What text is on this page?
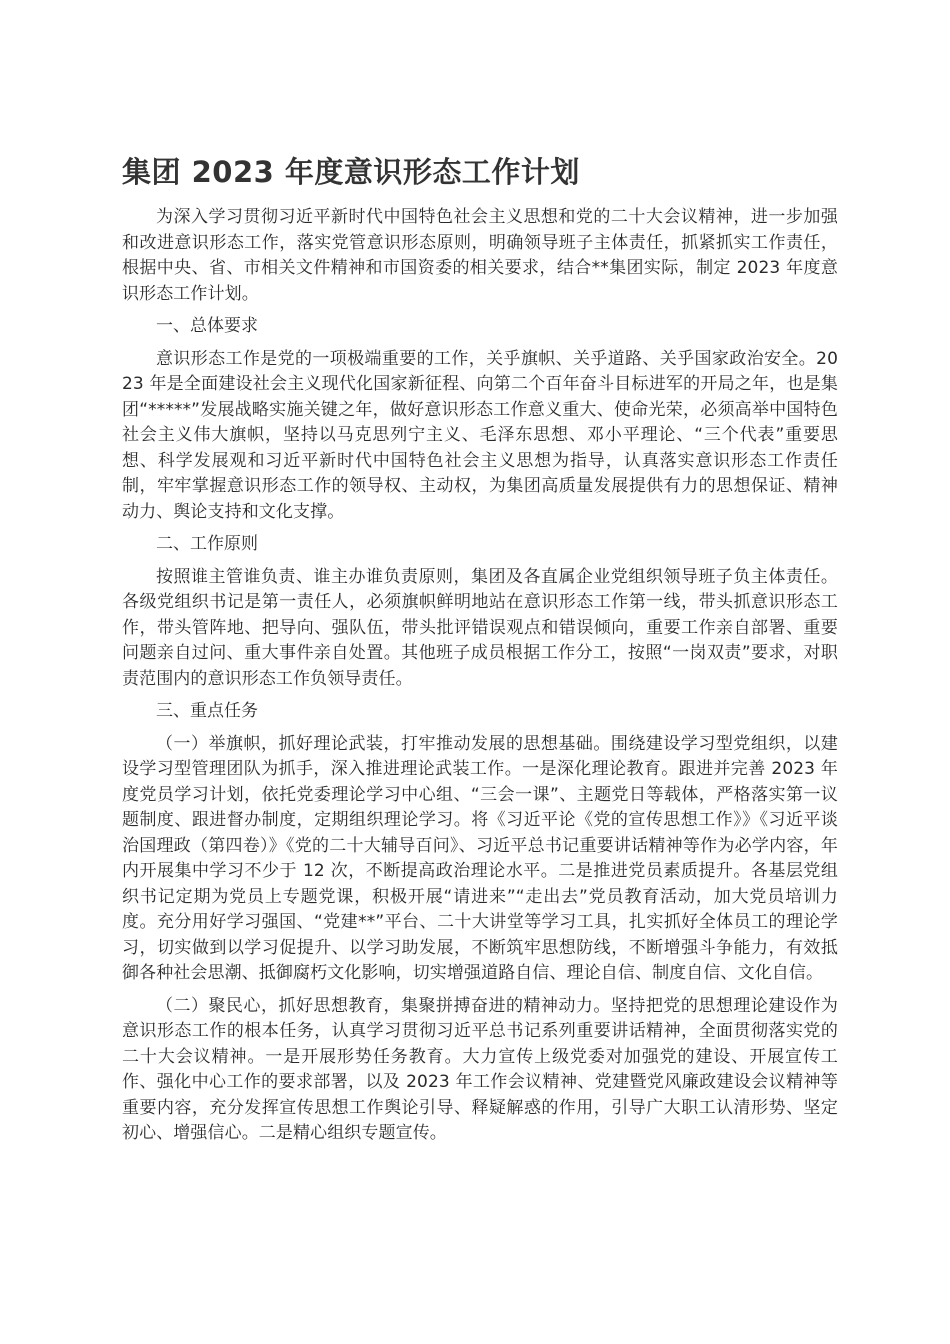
集团 2023 年度意识形态工作计划

为深入学习贯彻习近平新时代中国特色社会主义思想和党的二十大会议精神，进一步加强和改进意识形态工作，落实党管意识形态原则，明确领导班子主体责任，抓紧抓实工作责任，根据中央、省、市相关文件精神和市国资委的相关要求，结合**集团实际，制定 2023 年度意识形态工作计划。

一、总体要求

意识形态工作是党的一项极端重要的工作，关乎旗帜、关乎道路、关乎国家政治安全。2023 年是全面建设社会主义现代化国家新征程、向第二个百年奋斗目标进军的开局之年，也是集团“*****”发展战略实施关键之年，做好意识形态工作意义重大、使命光荣，必须高举中国特色社会主义伟大旗帜，坚持以马克思列宁主义、毛泽东思想、邓小平理论、“三个代表”重要思想、科学发展观和习近平新时代中国特色社会主义思想为指导，认真落实意识形态工作责任制，牢牢掌握意识形态工作的领导权、主动权，为集团高质量发展提供有力的思想保证、精神动力、舆论支持和文化支撑。

二、工作原则

按照谁主管谁负责、谁主办谁负责原则，集团及各直属企业党组织领导班子负主体责任。各级党组织书记是第一责任人，必须旗帜鲜明地站在意识形态工作第一线，带头抓意识形态工作，带头管阵地、把导向、强队伍，带头批评错误观点和错误倾向，重要工作亲自部署、重要问题亲自过问、重大事件亲自处置。其他班子成员根据工作分工，按照“一岗双责”要求，对职责范围内的意识形态工作负领导责任。

三、重点任务

（一）举旗帜，抓好理论武装，打牢推动发展的思想基础。围绕建设学习型党组织，以建设学习型管理团队为抓手，深入推进理论武装工作。一是深化理论教育。跟进并完善 2023 年度党员学习计划，依托党委理论学习中心组、“三会一课”、主题党日等载体，严格落实第一议题制度、跟进督办制度，定期组织理论学习。将《习近平论《党的宣传思想工作》》《习近平谈治国理政（第四卷）》《党的二十大辅导百问》、习近平总书记重要讲话精神等作为必学内容，年内开展集中学习不少于 12 次，不断提高政治理论水平。二是推进党员素质提升。各基层党组织书记定期为党员上专题党课，积极开展“请进来”“走出去”党员教育活动，加大党员培训力度。充分用好学习强国、“党建**”平台、二十大讲堂等学习工具，扎实抓好全体员工的理论学习，切实做到以学习促提升、以学习助发展，不断筑牢思想防线，不断增强斗争能力，有效抵御各种社会思潮、抵御腐朽文化影响，切实增强道路自信、理论自信、制度自信、文化自信。

（二）聚民心，抓好思想教育，集聚拼搏奋进的精神动力。坚持把党的思想理论建设作为意识形态工作的根本任务，认真学习贯彻习近平总书记系列重要讲话精神，全面贯彻落实党的二十大会议精神。一是开展形势任务教育。大力宣传上级党委对加强党的建设、开展宣传工作、强化中心工作的要求部署，以及 2023 年工作会议精神、党建暨党风廉政建设会议精神等重要内容，充分发挥宣传思想工作舆论引导、释疑解惑的作用，引导广大职工认清形势、坚定初心、增强信心。二是精心组织专题宣传。
